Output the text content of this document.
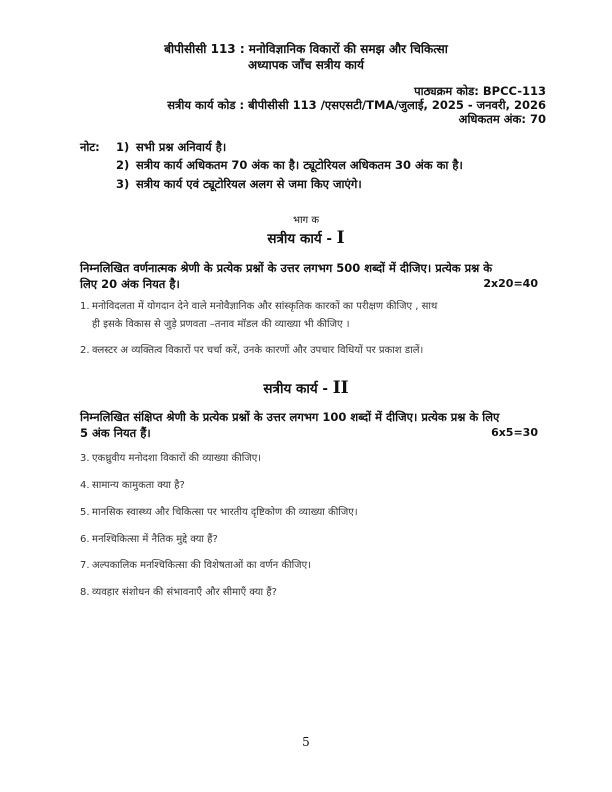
बीपीसीसी 113 : मनोविज्ञानिक विकारों की समझ और चिकित्सा
अध्यापक जाँच सत्रीय कार्य
पाठ्यक्रम कोड: BPCC-113
सत्रीय कार्य कोड : बीपीसीसी 113 /एसएसटी/TMA/जुलाई, 2025 - जनवरी, 2026
अधिकतम अंक: 70
नोट: 1) सभी प्रश्न अनिवार्य है।
2) सत्रीय कार्य अधिकतम 70 अंक का है। ट्यूटोरियल अधिकतम 30 अंक का है।
3) सत्रीय कार्य एवं ट्यूटोरियल अलग से जमा किए जाएंगे।
भाग क
सत्रीय कार्य - I
निम्नलिखित वर्णनात्मक श्रेणी के प्रत्येक प्रश्नों के उत्तर लगभग 500 शब्दों में दीजिए। प्रत्येक प्रश्न के
लिए 20 अंक नियत है।	2x20=40
1. मनोविदलता में योगदान देने वाले मनोवैज्ञानिक और सांस्कृतिक कारकों का परीक्षण कीजिए , साथ
ही इसके विकास से जुड़े प्रणवता –तनाव मॉडल की व्याख्या भी कीजिए ।
2. क्लस्टर अ व्यक्तित्व विकारों पर चर्चा करें, उनके कारणों और उपचार विधियों पर प्रकाश डालें।
सत्रीय कार्य - II
निम्नलिखित संक्षिप्त श्रेणी के प्रत्येक प्रश्नों के उत्तर लगभग 100 शब्दों में दीजिए। प्रत्येक प्रश्न के लिए
5 अंक नियत हैं।	6x5=30
3. एकध्रुवीय मनोदशा विकारों की व्याख्या कीजिए।
4. सामान्य कामुकता क्या है?
5. मानसिक स्वास्थ्य और चिकित्सा पर भारतीय दृष्टिकोण की व्याख्या कीजिए।
6. मनश्चिकित्सा में नैतिक मुद्दे क्या हैं?
7. अल्पकालिक मनश्चिकित्सा की विशेषताओं का वर्णन कीजिए।
8. व्यवहार संशोधन की संभावनाएँ और सीमाएँ क्या हैं?
5
